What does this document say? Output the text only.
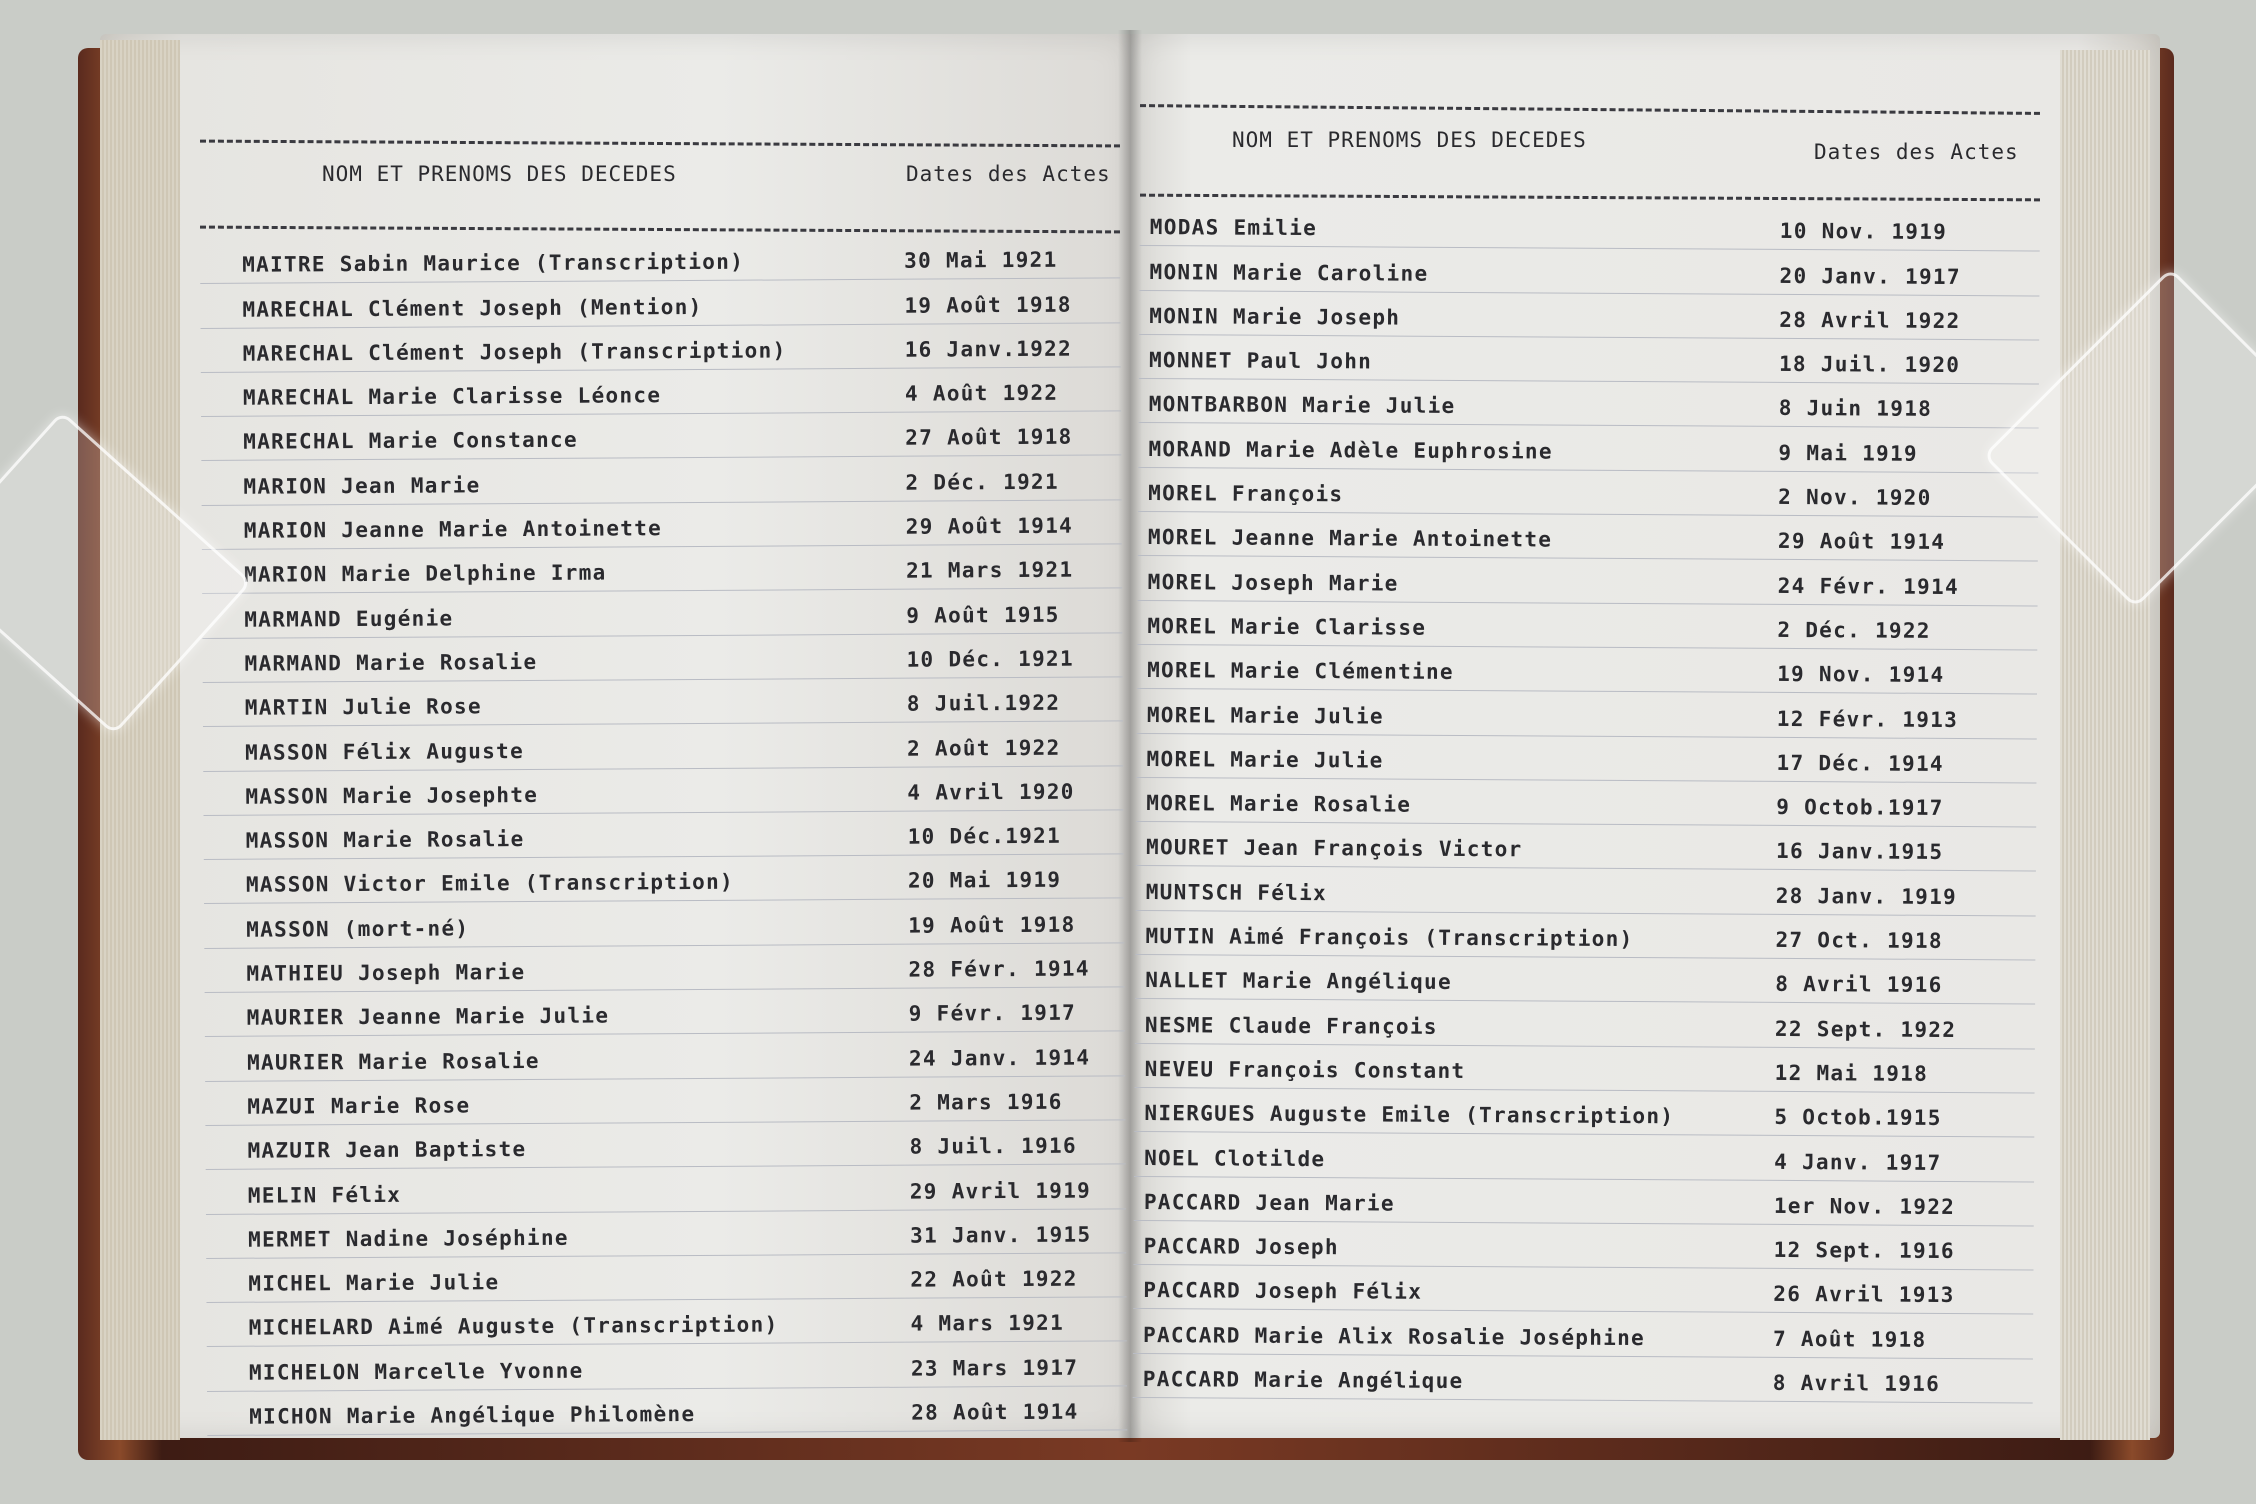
NOM ET PRENOMS DES DECEDES	Dates des Actes
MAITRE Sabin Maurice (Transcription)	30 Mai 1921
MARECHAL Clément Joseph (Mention)	19 Août 1918
MARECHAL Clément Joseph (Transcription)	16 Janv.1922
MARECHAL Marie Clarisse Léonce	4 Août 1922
MARECHAL Marie Constance	27 Août 1918
MARION Jean Marie	2 Déc. 1921
MARION Jeanne Marie Antoinette	29 Août 1914
MARION Marie Delphine Irma	21 Mars 1921
MARMAND Eugénie	9 Août 1915
MARMAND Marie Rosalie	10 Déc. 1921
MARTIN Julie Rose	8 Juil.1922
MASSON Félix Auguste	2 Août 1922
MASSON Marie Josephte	4 Avril 1920
MASSON Marie Rosalie	10 Déc.1921
MASSON Victor Emile (Transcription)	20 Mai 1919
MASSON (mort-né)	19 Août 1918
MATHIEU Joseph Marie	28 Févr. 1914
MAURIER Jeanne Marie Julie	9 Févr. 1917
MAURIER Marie Rosalie	24 Janv. 1914
MAZUI Marie Rose	2 Mars 1916
MAZUIR Jean Baptiste	8 Juil. 1916
MELIN Félix	29 Avril 1919
MERMET Nadine Joséphine	31 Janv. 1915
MICHEL Marie Julie	22 Août 1922
MICHELARD Aimé Auguste (Transcription)	4 Mars 1921
MICHELON Marcelle Yvonne	23 Mars 1917
MICHON Marie Angélique Philomène	28 Août 1914
NOM ET PRENOMS DES DECEDES	Dates des Actes
MODAS Emilie	10 Nov. 1919
MONIN Marie Caroline	20 Janv. 1917
MONIN Marie Joseph	28 Avril 1922
MONNET Paul John	18 Juil. 1920
MONTBARBON Marie Julie	8 Juin 1918
MORAND Marie Adèle Euphrosine	9 Mai 1919
MOREL François	2 Nov. 1920
MOREL Jeanne Marie Antoinette	29 Août 1914
MOREL Joseph Marie	24 Févr. 1914
MOREL Marie Clarisse	2 Déc. 1922
MOREL Marie Clémentine	19 Nov. 1914
MOREL Marie Julie	12 Févr. 1913
MOREL Marie Julie	17 Déc. 1914
MOREL Marie Rosalie	9 Octob.1917
MOURET Jean François Victor	16 Janv.1915
MUNTSCH Félix	28 Janv. 1919
MUTIN Aimé François (Transcription)	27 Oct. 1918
NALLET Marie Angélique	8 Avril 1916
NESME Claude François	22 Sept. 1922
NEVEU François Constant	12 Mai 1918
NIERGUES Auguste Emile (Transcription)	5 Octob.1915
NOEL Clotilde	4 Janv. 1917
PACCARD Jean Marie	1er Nov. 1922
PACCARD Joseph	12 Sept. 1916
PACCARD Joseph Félix	26 Avril 1913
PACCARD Marie Alix Rosalie Joséphine	7 Août 1918
PACCARD Marie Angélique	8 Avril 1916
